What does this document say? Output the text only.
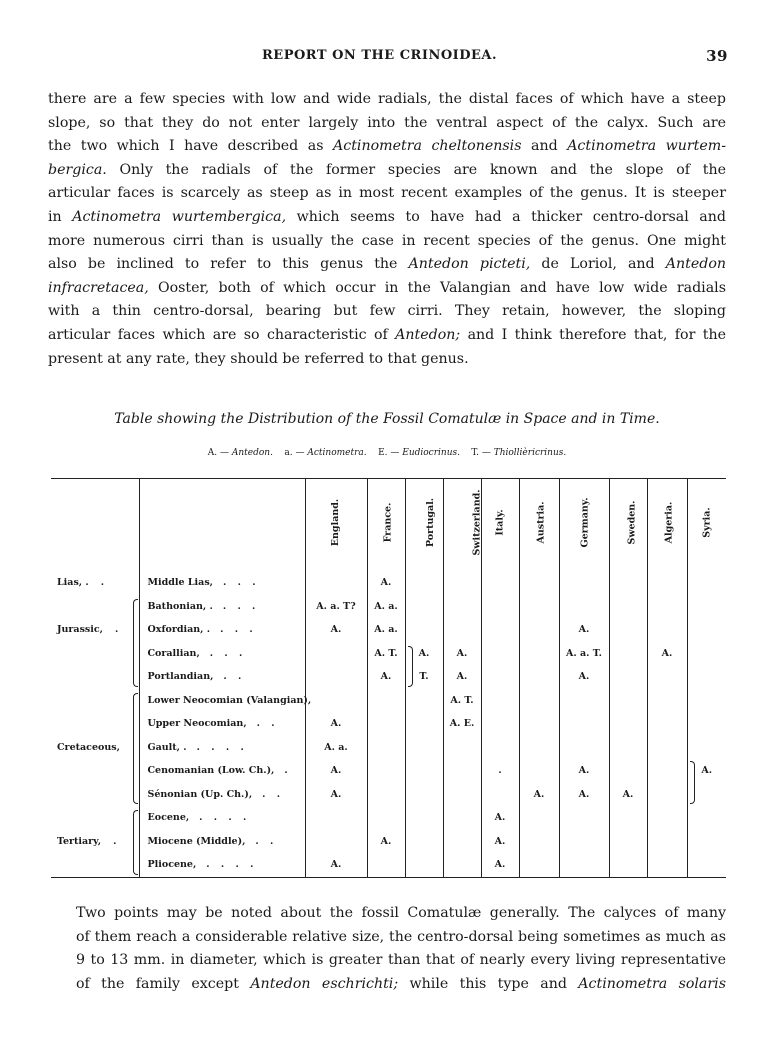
REPORT ON THE CRINOIDEA.	39
there are a few species with low and wide radials, the distal faces of which have a steep
slope, so that they do not enter largely into the ventral aspect of the calyx. Such are
the two which I have described as Actinometra cheltonensis and Actinometra wurtem-
bergica. Only the radials of the former species are known and the slope of the
articular faces is scarcely as steep as in most recent examples of the genus. It is steeper
in Actinometra wurtembergica, which seems to have had a thicker centro-dorsal and
more numerous cirri than is usually the case in recent species of the genus. One might
also be inclined to refer to this genus the Antedon picteti, de Loriol, and Antedon
infracretacea, Ooster, both of which occur in the Valangian and have low wide radials
with a thin centro-dorsal, bearing but few cirri. They retain, however, the sloping
articular faces which are so characteristic of Antedon; and I think therefore that, for the
present at any rate, they should be referred to that genus.
Table showing the Distribution of the Fossil Comatulæ in Space and in Time.
A. — Antedon. a. — Actinometra. E. — Eudiocrinus. T. — Thiollièricrinus.
		England.	France.	Portugal.	Switzerland.	Italy.	Austria.	Germany.	Sweden.	Algeria.	Syria.
Lias, . .	Middle Lias, . . .		A.								
	Bathonian, . . . .	A. a. T?	A. a.								
Jurassic, .	Oxfordian, . . . .	A.	A. a.					A.			
	Corallian, . . .		A. T.	A.	A.			A. a. T.		A.	
	Portlandian, . .		A.	T.	A.			A.			
	Lower Neocomian (Valangian),				A. T.						
	Upper Neocomian, . .	A.			A. E.						
Cretaceous,	Gault, . . . . .	A. a.									
	Cenomanian (Low. Ch.), .	A.				.		A.			A.
	Sénonian (Up. Ch.), . .	A.					A.	A.	A.		
	Eocene, . . . .					A.					
Tertiary, .	Miocene (Middle), . .		A.			A.					
	Pliocene, . . . .	A.				A.					
Two points may be noted about the fossil Comatulæ generally. The calyces of many
of them reach a considerable relative size, the centro-dorsal being sometimes as much as
9 to 13 mm. in diameter, which is greater than that of nearly every living representative
of the family except Antedon eschrichti; while this type and Actinometra solaris
